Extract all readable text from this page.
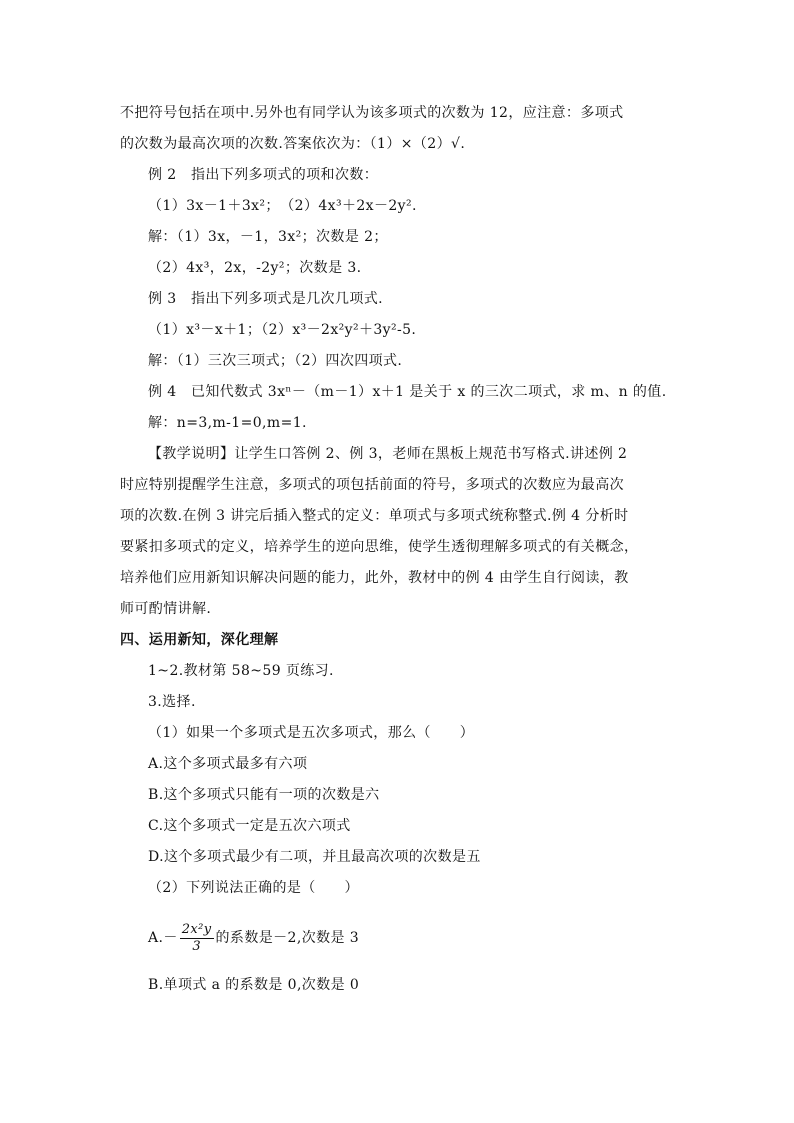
不把符号包括在项中.另外也有同学认为该多项式的次数为 12，应注意：多项式
的次数为最高次项的次数.答案依次为：（1）×（2）√.
例 2　指出下列多项式的项和次数：
（1）3x－1＋3x²；　（2）4x³＋2x－2y².
解：（1）3x，－1，3x²；次数是 2；
（2）4x³，2x，-2y²；次数是 3.
例 3　指出下列多项式是几次几项式.
（1）x³－x＋1；（2）x³－2x²y²＋3y²-5.
解：（1）三次三项式；（2）四次四项式.
例 4　已知代数式 3xⁿ－（m－1）x＋1 是关于 x 的三次二项式，求 m、n 的值.
解：n=3,m-1=0,m=1.
【教学说明】让学生口答例 2、例 3，老师在黑板上规范书写格式.讲述例 2
时应特别提醒学生注意，多项式的项包括前面的符号，多项式的次数应为最高次
项的次数.在例 3 讲完后插入整式的定义：单项式与多项式统称整式.例 4 分析时
要紧扣多项式的定义，培养学生的逆向思维，使学生透彻理解多项式的有关概念，
培养他们应用新知识解决问题的能力，此外，教材中的例 4 由学生自行阅读，教
师可酌情讲解.
四、运用新知，深化理解
1~2.教材第 58~59 页练习.
3.选择.
（1）如果一个多项式是五次多项式，那么（　　）
A.这个多项式最多有六项
B.这个多项式只能有一项的次数是六
C.这个多项式一定是五次六项式
D.这个多项式最少有二项，并且最高次项的次数是五
（2）下列说法正确的是（　　）
$A.- \frac{\text{2x²y}}{3}$ 的系数是－2,次数是 3
B.单项式 a 的系数是 0,次数是 0
